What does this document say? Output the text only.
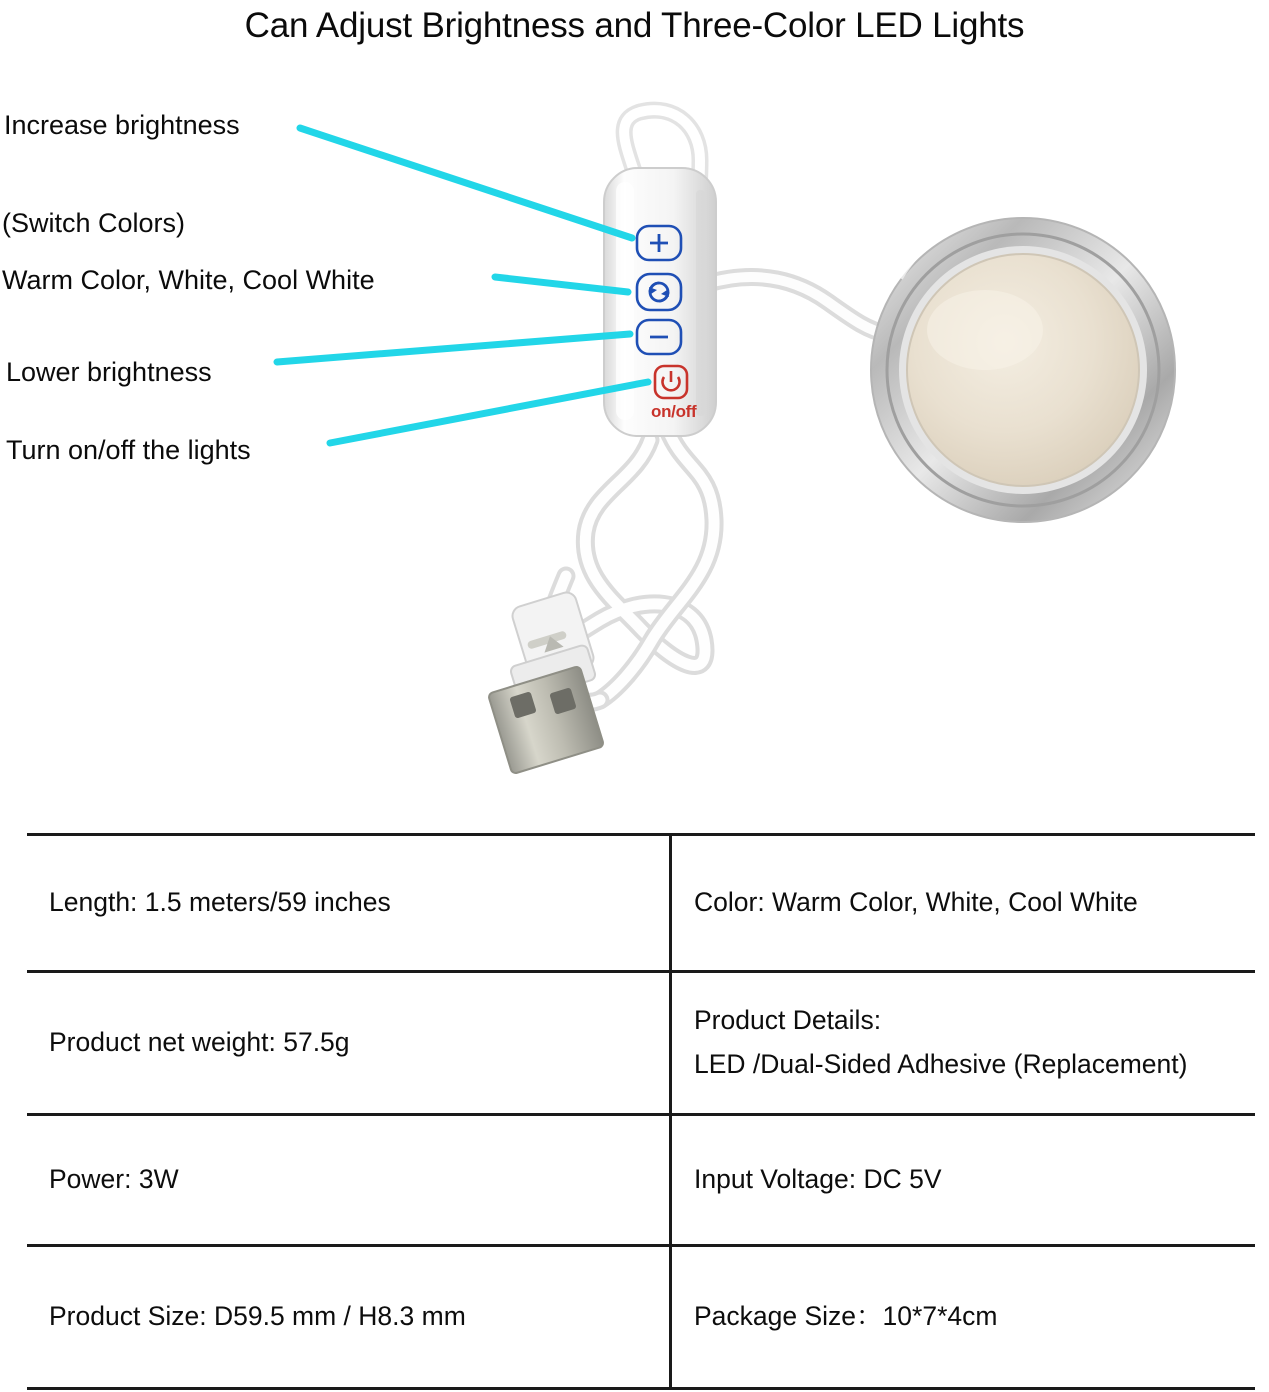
Can Adjust Brightness and Three-Color LED Lights
on/off
Increase brightness
(Switch Colors)
Warm Color, White, Cool White
Lower brightness
Turn on/off the lights
Length: 1.5 meters/59 inches	Color: Warm Color, White, Cool White

Product net weight: 57.5g	Product Details:
LED /Dual-Sided Adhesive (Replacement)

Power: 3W	Input Voltage: DC 5V

Product Size: D59.5 mm / H8.3 mm	Package Size：10*7*4cm
